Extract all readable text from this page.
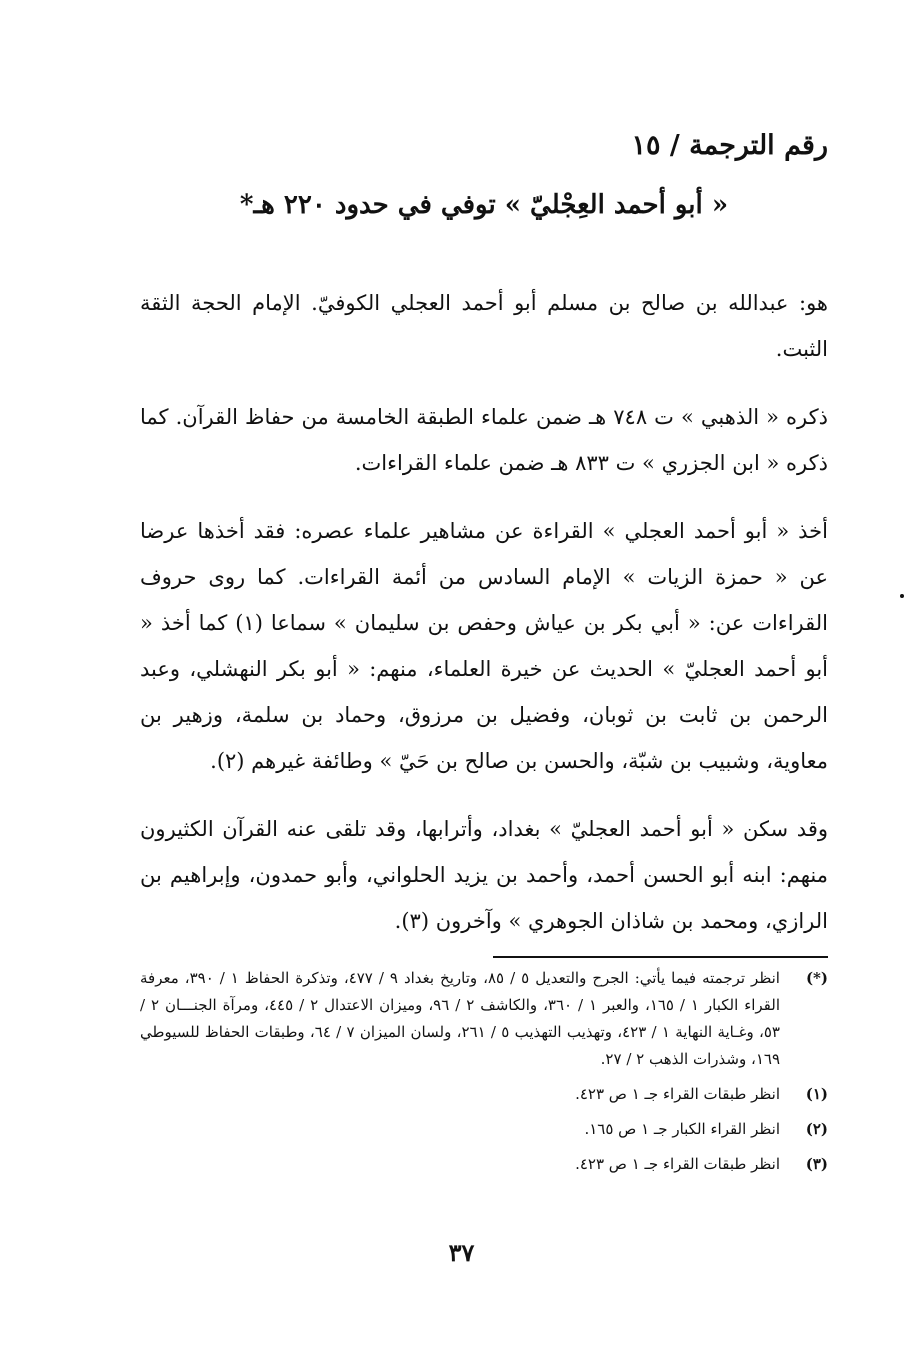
رقم الترجمة / ١٥
« أبو أحمد العِجْليّ » توفي في حدود ٢٢٠ هـ*

هو: عبدالله بن صالح بن مسلم أبو أحمد العجلي الكوفيّ. الإمام الحجة الثقة الثبت.

ذكره « الذهبي » ت ٧٤٨ هـ ضمن علماء الطبقة الخامسة من حفاظ القرآن. كما ذكره « ابن الجزري » ت ٨٣٣ هـ ضمن علماء القراءات.

أخذ « أبو أحمد العجلي » القراءة عن مشاهير علماء عصره: فقد أخذها عرضا عن « حمزة الزيات » الإمام السادس من أئمة القراءات. كما روى حروف القراءات عن: « أبي بكر بن عياش وحفص بن سليمان » سماعا (١) كما أخذ « أبو أحمد العجليّ » الحديث عن خيرة العلماء، منهم: « أبو بكر النهشلي، وعبد الرحمن بن ثابت بن ثوبان، وفضيل بن مرزوق، وحماد بن سلمة، وزهير بن معاوية، وشبيب بن شبّة، والحسن بن صالح بن حَيّ » وطائفة غيرهم (٢).

وقد سكن « أبو أحمد العجليّ » بغداد، وأترابها، وقد تلقى عنه القرآن الكثيرون منهم: ابنه أبو الحسن أحمد، وأحمد بن يزيد الحلواني، وأبو حمدون، وإبراهيم بن الرازي، ومحمد بن شاذان الجوهري » وآخرون (٣).

(*)
انظر ترجمته فيما يأتي: الجرح والتعديل ٥ / ٨٥، وتاريخ بغداد ٩ / ٤٧٧، وتذكرة الحفاظ ١ / ٣٩٠، معرفة القراء الكبار ١ / ١٦٥، والعبر ١ / ٣٦٠، والكاشف ٢ / ٩٦، وميزان الاعتدال ٢ / ٤٤٥، ومرآة الجنـــان ٢ / ٥٣، وغـاية النهاية ١ / ٤٢٣، وتهذيب التهذيب ٥ / ٢٦١، ولسان الميزان ٧ / ٦٤، وطبقات الحفاظ للسيوطي ١٦٩، وشذرات الذهب ٢ / ٢٧.
(١)
انظر طبقات القراء جـ ١ ص ٤٢٣.
(٢)
انظر القراء الكبار جـ ١ ص ١٦٥.
(٣)
انظر طبقات القراء جـ ١ ص ٤٢٣.
٣٧
